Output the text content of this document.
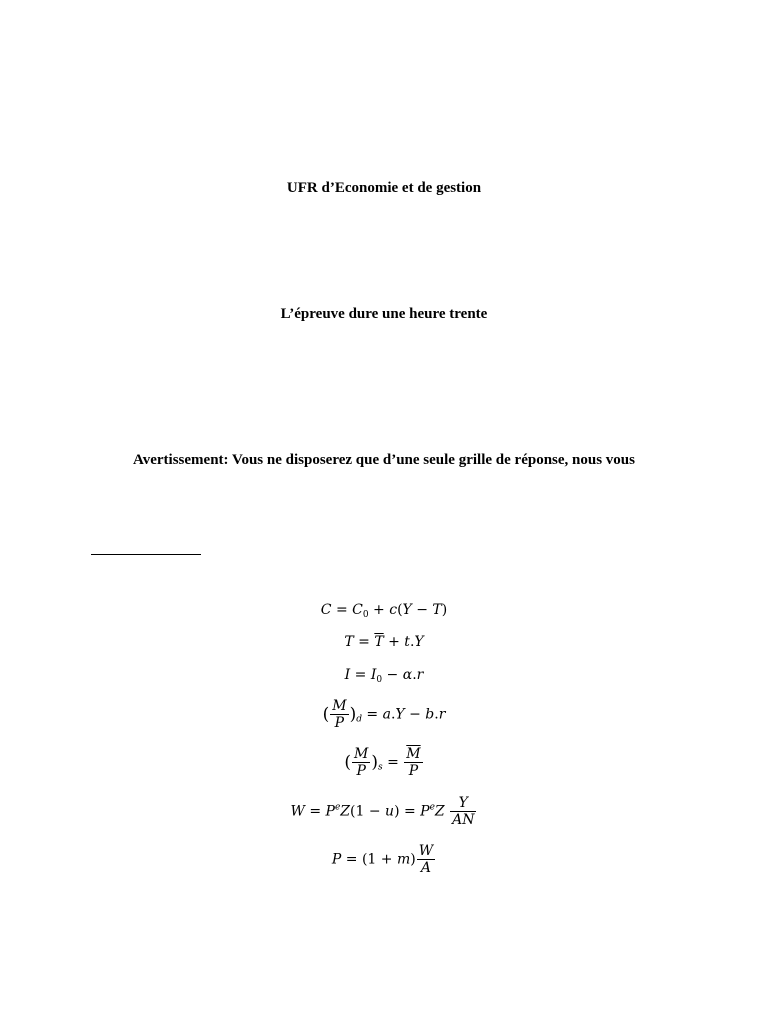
UFR d’Economie et de gestion
L’épreuve dure une heure trente
Avertissement: Vous ne disposerez que d’une seule grille de réponse, nous vous
$C = C_0 + c(Y - T)$
$T = \overline{T} + t.Y$
$I = I_0 - \alpha.r$
( $\frac{M}{P} )_d = a.Y - b.r$
( $\frac{M}{P} )_s = \frac{\overline{M}}{P}$
$W = P^eZ(1 - u) = P^eZ \frac{Y}{A\overline{N}}$
$P = (1 + m) \frac{W}{A}$
